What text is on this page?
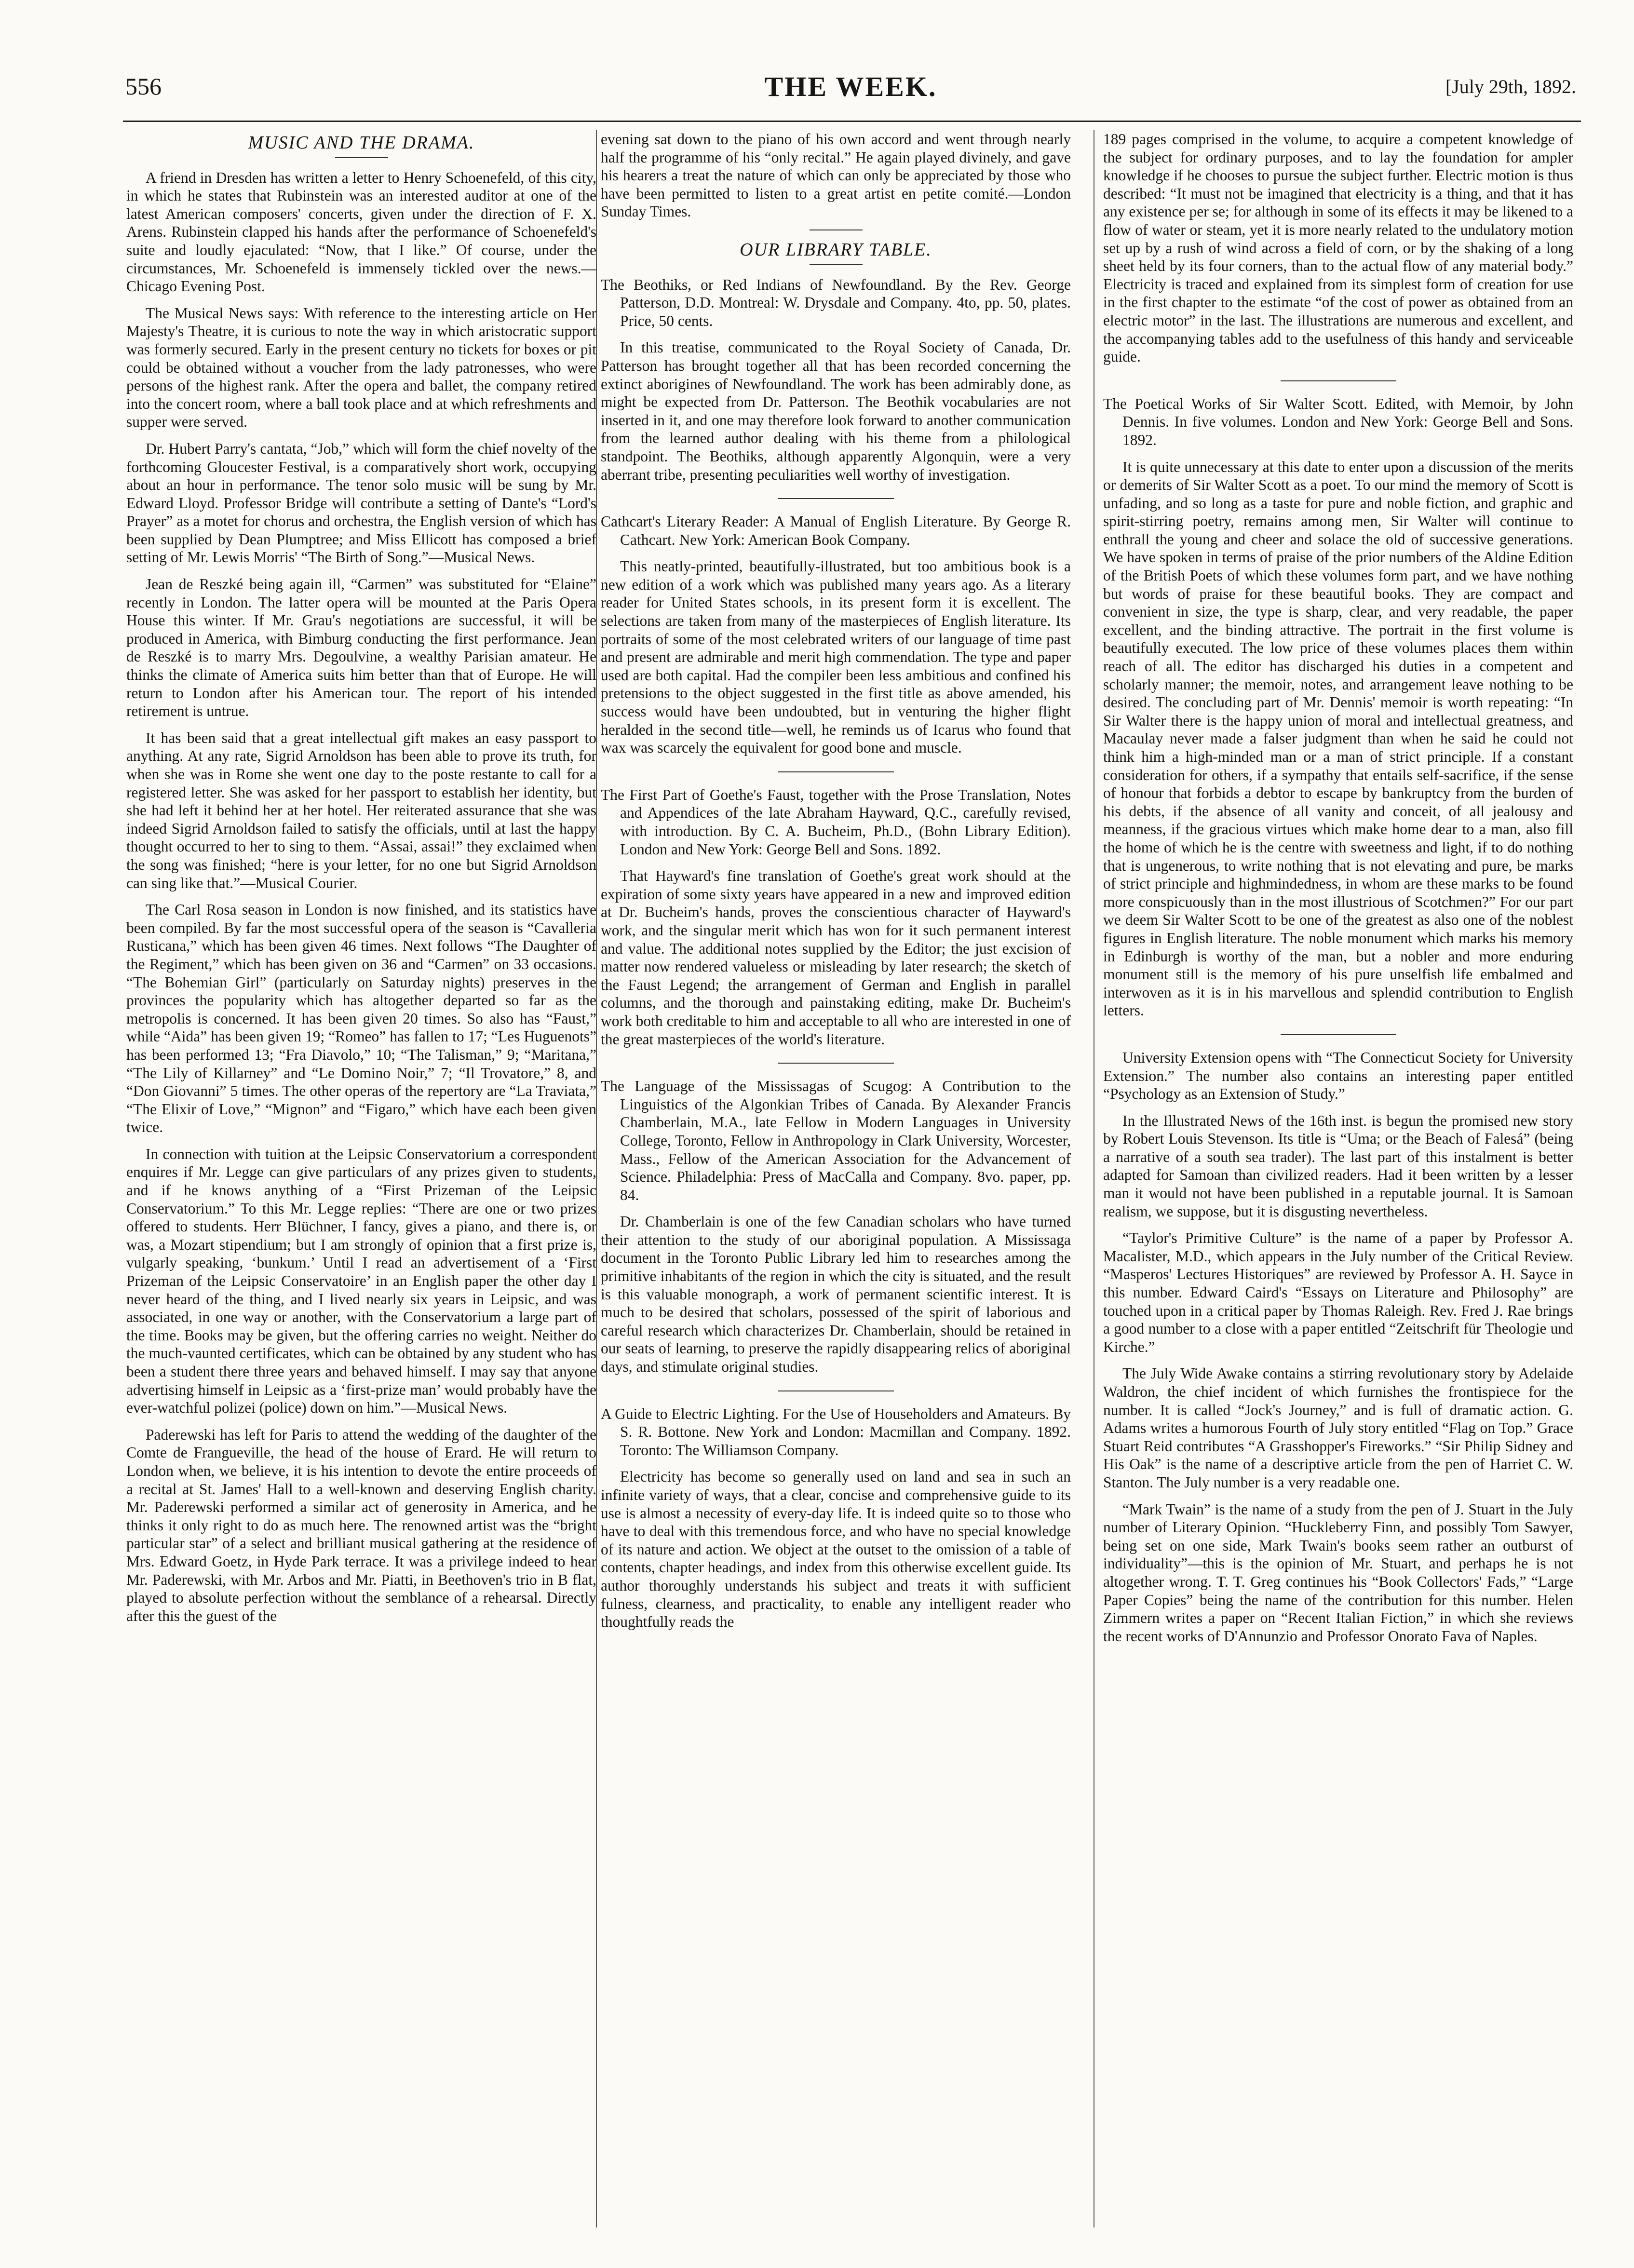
556	THE WEEK.	[July 29th, 1892.
MUSIC AND THE DRAMA.

A friend in Dresden has written a letter to Henry Schoenefeld, of this city, in which he states that Rubinstein was an interested auditor at one of the latest American composers' concerts, given under the direction of F. X. Arens. Rubinstein clapped his hands after the performance of Schoenefeld's suite and loudly ejaculated: “Now, that I like.” Of course, under the circumstances, Mr. Schoenefeld is immensely tickled over the news.—Chicago Evening Post.

The Musical News says: With reference to the interesting article on Her Majesty's Theatre, it is curious to note the way in which aristocratic support was formerly secured. Early in the present century no tickets for boxes or pit could be obtained without a voucher from the lady patronesses, who were persons of the highest rank. After the opera and ballet, the company retired into the concert room, where a ball took place and at which refreshments and supper were served.

Dr. Hubert Parry's cantata, “Job,” which will form the chief novelty of the forthcoming Gloucester Festival, is a comparatively short work, occupying about an hour in performance. The tenor solo music will be sung by Mr. Edward Lloyd. Professor Bridge will contribute a setting of Dante's “Lord's Prayer” as a motet for chorus and orchestra, the English version of which has been supplied by Dean Plumptree; and Miss Ellicott has composed a brief setting of Mr. Lewis Morris' “The Birth of Song.”—Musical News.

Jean de Reszké being again ill, “Carmen” was substituted for “Elaine” recently in London. The latter opera will be mounted at the Paris Opera House this winter. If Mr. Grau's negotiations are successful, it will be produced in America, with Bimburg conducting the first performance. Jean de Reszké is to marry Mrs. Degoulvine, a wealthy Parisian amateur. He thinks the climate of America suits him better than that of Europe. He will return to London after his American tour. The report of his intended retirement is untrue.

It has been said that a great intellectual gift makes an easy passport to anything. At any rate, Sigrid Arnoldson has been able to prove its truth, for when she was in Rome she went one day to the poste restante to call for a registered letter. She was asked for her passport to establish her identity, but she had left it behind her at her hotel. Her reiterated assurance that she was indeed Sigrid Arnoldson failed to satisfy the officials, until at last the happy thought occurred to her to sing to them. “Assai, assai!” they exclaimed when the song was finished; “here is your letter, for no one but Sigrid Arnoldson can sing like that.”—Musical Courier.

The Carl Rosa season in London is now finished, and its statistics have been compiled. By far the most successful opera of the season is “Cavalleria Rusticana,” which has been given 46 times. Next follows “The Daughter of the Regiment,” which has been given on 36 and “Carmen” on 33 occasions. “The Bohemian Girl” (particularly on Saturday nights) preserves in the provinces the popularity which has altogether departed so far as the metropolis is concerned. It has been given 20 times. So also has “Faust,” while “Aida” has been given 19; “Romeo” has fallen to 17; “Les Huguenots” has been performed 13; “Fra Diavolo,” 10; “The Talisman,” 9; “Maritana,” “The Lily of Killarney” and “Le Domino Noir,” 7; “Il Trovatore,” 8, and “Don Giovanni” 5 times. The other operas of the repertory are “La Traviata,” “The Elixir of Love,” “Mignon” and “Figaro,” which have each been given twice.

In connection with tuition at the Leipsic Conservatorium a correspondent enquires if Mr. Legge can give particulars of any prizes given to students, and if he knows anything of a “First Prizeman of the Leipsic Conservatorium.” To this Mr. Legge replies: “There are one or two prizes offered to students. Herr Blüchner, I fancy, gives a piano, and there is, or was, a Mozart stipendium; but I am strongly of opinion that a first prize is, vulgarly speaking, ‘bunkum.’ Until I read an advertisement of a ‘First Prizeman of the Leipsic Conservatoire’ in an English paper the other day I never heard of the thing, and I lived nearly six years in Leipsic, and was associated, in one way or another, with the Conservatorium a large part of the time. Books may be given, but the offering carries no weight. Neither do the much-vaunted certificates, which can be obtained by any student who has been a student there three years and behaved himself. I may say that anyone advertising himself in Leipsic as a ‘first-prize man’ would probably have the ever-watchful polizei (police) down on him.”—Musical News.

Paderewski has left for Paris to attend the wedding of the daughter of the Comte de Frangueville, the head of the house of Erard. He will return to London when, we believe, it is his intention to devote the entire proceeds of a recital at St. James' Hall to a well-known and deserving English charity. Mr. Paderewski performed a similar act of generosity in America, and he thinks it only right to do as much here. The renowned artist was the “bright particular star” of a select and brilliant musical gathering at the residence of Mrs. Edward Goetz, in Hyde Park terrace. It was a privilege indeed to hear Mr. Paderewski, with Mr. Arbos and Mr. Piatti, in Beethoven's trio in B flat, played to absolute perfection without the semblance of a rehearsal. Directly after this the guest of the

evening sat down to the piano of his own accord and went through nearly half the programme of his “only recital.” He again played divinely, and gave his hearers a treat the nature of which can only be appreciated by those who have been permitted to listen to a great artist en petite comité.—London Sunday Times.

OUR LIBRARY TABLE.
The Beothiks, or Red Indians of Newfoundland. By the Rev. George Patterson, D.D. Montreal: W. Drysdale and Company. 4to, pp. 50, plates. Price, 50 cents.

In this treatise, communicated to the Royal Society of Canada, Dr. Patterson has brought together all that has been recorded concerning the extinct aborigines of Newfoundland. The work has been admirably done, as might be expected from Dr. Patterson. The Beothik vocabularies are not inserted in it, and one may therefore look forward to another communication from the learned author dealing with his theme from a philological standpoint. The Beothiks, although apparently Algonquin, were a very aberrant tribe, presenting peculiarities well worthy of investigation.

Cathcart's Literary Reader: A Manual of English Literature. By George R. Cathcart. New York: American Book Company.

This neatly-printed, beautifully-illustrated, but too ambitious book is a new edition of a work which was published many years ago. As a literary reader for United States schools, in its present form it is excellent. The selections are taken from many of the masterpieces of English literature. Its portraits of some of the most celebrated writers of our language of time past and present are admirable and merit high commendation. The type and paper used are both capital. Had the compiler been less ambitious and confined his pretensions to the object suggested in the first title as above amended, his success would have been undoubted, but in venturing the higher flight heralded in the second title—well, he reminds us of Icarus who found that wax was scarcely the equivalent for good bone and muscle.

The First Part of Goethe's Faust, together with the Prose Translation, Notes and Appendices of the late Abraham Hayward, Q.C., carefully revised, with introduction. By C. A. Bucheim, Ph.D., (Bohn Library Edition). London and New York: George Bell and Sons. 1892.

That Hayward's fine translation of Goethe's great work should at the expiration of some sixty years have appeared in a new and improved edition at Dr. Bucheim's hands, proves the conscientious character of Hayward's work, and the singular merit which has won for it such permanent interest and value. The additional notes supplied by the Editor; the just excision of matter now rendered valueless or misleading by later research; the sketch of the Faust Legend; the arrangement of German and English in parallel columns, and the thorough and painstaking editing, make Dr. Bucheim's work both creditable to him and acceptable to all who are interested in one of the great masterpieces of the world's literature.

The Language of the Mississagas of Scugog: A Contribution to the Linguistics of the Algonkian Tribes of Canada. By Alexander Francis Chamberlain, M.A., late Fellow in Modern Languages in University College, Toronto, Fellow in Anthropology in Clark University, Worcester, Mass., Fellow of the American Association for the Advancement of Science. Philadelphia: Press of MacCalla and Company. 8vo. paper, pp. 84.

Dr. Chamberlain is one of the few Canadian scholars who have turned their attention to the study of our aboriginal population. A Mississaga document in the Toronto Public Library led him to researches among the primitive inhabitants of the region in which the city is situated, and the result is this valuable monograph, a work of permanent scientific interest. It is much to be desired that scholars, possessed of the spirit of laborious and careful research which characterizes Dr. Chamberlain, should be retained in our seats of learning, to preserve the rapidly disappearing relics of aboriginal days, and stimulate original studies.

A Guide to Electric Lighting. For the Use of Householders and Amateurs. By S. R. Bottone. New York and London: Macmillan and Company. 1892. Toronto: The Williamson Company.

Electricity has become so generally used on land and sea in such an infinite variety of ways, that a clear, concise and comprehensive guide to its use is almost a necessity of every-day life. It is indeed quite so to those who have to deal with this tremendous force, and who have no special knowledge of its nature and action. We object at the outset to the omission of a table of contents, chapter headings, and index from this otherwise excellent guide. Its author thoroughly understands his subject and treats it with sufficient fulness, clearness, and practicality, to enable any intelligent reader who thoughtfully reads the

189 pages comprised in the volume, to acquire a competent knowledge of the subject for ordinary purposes, and to lay the foundation for ampler knowledge if he chooses to pursue the subject further. Electric motion is thus described: “It must not be imagined that electricity is a thing, and that it has any existence per se; for although in some of its effects it may be likened to a flow of water or steam, yet it is more nearly related to the undulatory motion set up by a rush of wind across a field of corn, or by the shaking of a long sheet held by its four corners, than to the actual flow of any material body.” Electricity is traced and explained from its simplest form of creation for use in the first chapter to the estimate “of the cost of power as obtained from an electric motor” in the last. The illustrations are numerous and excellent, and the accompanying tables add to the usefulness of this handy and serviceable guide.

The Poetical Works of Sir Walter Scott. Edited, with Memoir, by John Dennis. In five volumes. London and New York: George Bell and Sons. 1892.

It is quite unnecessary at this date to enter upon a discussion of the merits or demerits of Sir Walter Scott as a poet. To our mind the memory of Scott is unfading, and so long as a taste for pure and noble fiction, and graphic and spirit-stirring poetry, remains among men, Sir Walter will continue to enthrall the young and cheer and solace the old of successive generations. We have spoken in terms of praise of the prior numbers of the Aldine Edition of the British Poets of which these volumes form part, and we have nothing but words of praise for these beautiful books. They are compact and convenient in size, the type is sharp, clear, and very readable, the paper excellent, and the binding attractive. The portrait in the first volume is beautifully executed. The low price of these volumes places them within reach of all. The editor has discharged his duties in a competent and scholarly manner; the memoir, notes, and arrangement leave nothing to be desired. The concluding part of Mr. Dennis' memoir is worth repeating: “In Sir Walter there is the happy union of moral and intellectual greatness, and Macaulay never made a falser judgment than when he said he could not think him a high-minded man or a man of strict principle. If a constant consideration for others, if a sympathy that entails self-sacrifice, if the sense of honour that forbids a debtor to escape by bankruptcy from the burden of his debts, if the absence of all vanity and conceit, of all jealousy and meanness, if the gracious virtues which make home dear to a man, also fill the home of which he is the centre with sweetness and light, if to do nothing that is ungenerous, to write nothing that is not elevating and pure, be marks of strict principle and highmindedness, in whom are these marks to be found more conspicuously than in the most illustrious of Scotchmen?” For our part we deem Sir Walter Scott to be one of the greatest as also one of the noblest figures in English literature. The noble monument which marks his memory in Edinburgh is worthy of the man, but a nobler and more enduring monument still is the memory of his pure unselfish life embalmed and interwoven as it is in his marvellous and splendid contribution to English letters.

University Extension opens with “The Connecticut Society for University Extension.” The number also contains an interesting paper entitled “Psychology as an Extension of Study.”

In the Illustrated News of the 16th inst. is begun the promised new story by Robert Louis Stevenson. Its title is “Uma; or the Beach of Falesá” (being a narrative of a south sea trader). The last part of this instalment is better adapted for Samoan than civilized readers. Had it been written by a lesser man it would not have been published in a reputable journal. It is Samoan realism, we suppose, but it is disgusting nevertheless.

“Taylor's Primitive Culture” is the name of a paper by Professor A. Macalister, M.D., which appears in the July number of the Critical Review. “Masperos' Lectures Historiques” are reviewed by Professor A. H. Sayce in this number. Edward Caird's “Essays on Literature and Philosophy” are touched upon in a critical paper by Thomas Raleigh. Rev. Fred J. Rae brings a good number to a close with a paper entitled “Zeitschrift für Theologie und Kirche.”

The July Wide Awake contains a stirring revolutionary story by Adelaide Waldron, the chief incident of which furnishes the frontispiece for the number. It is called “Jock's Journey,” and is full of dramatic action. G. Adams writes a humorous Fourth of July story entitled “Flag on Top.” Grace Stuart Reid contributes “A Grasshopper's Fireworks.” “Sir Philip Sidney and His Oak” is the name of a descriptive article from the pen of Harriet C. W. Stanton. The July number is a very readable one.

“Mark Twain” is the name of a study from the pen of J. Stuart in the July number of Literary Opinion. “Huckleberry Finn, and possibly Tom Sawyer, being set on one side, Mark Twain's books seem rather an outburst of individuality”—this is the opinion of Mr. Stuart, and perhaps he is not altogether wrong. T. T. Greg continues his “Book Collectors' Fads,” “Large Paper Copies” being the name of the contribution for this number. Helen Zimmern writes a paper on “Recent Italian Fiction,” in which she reviews the recent works of D'Annunzio and Professor Onorato Fava of Naples.
